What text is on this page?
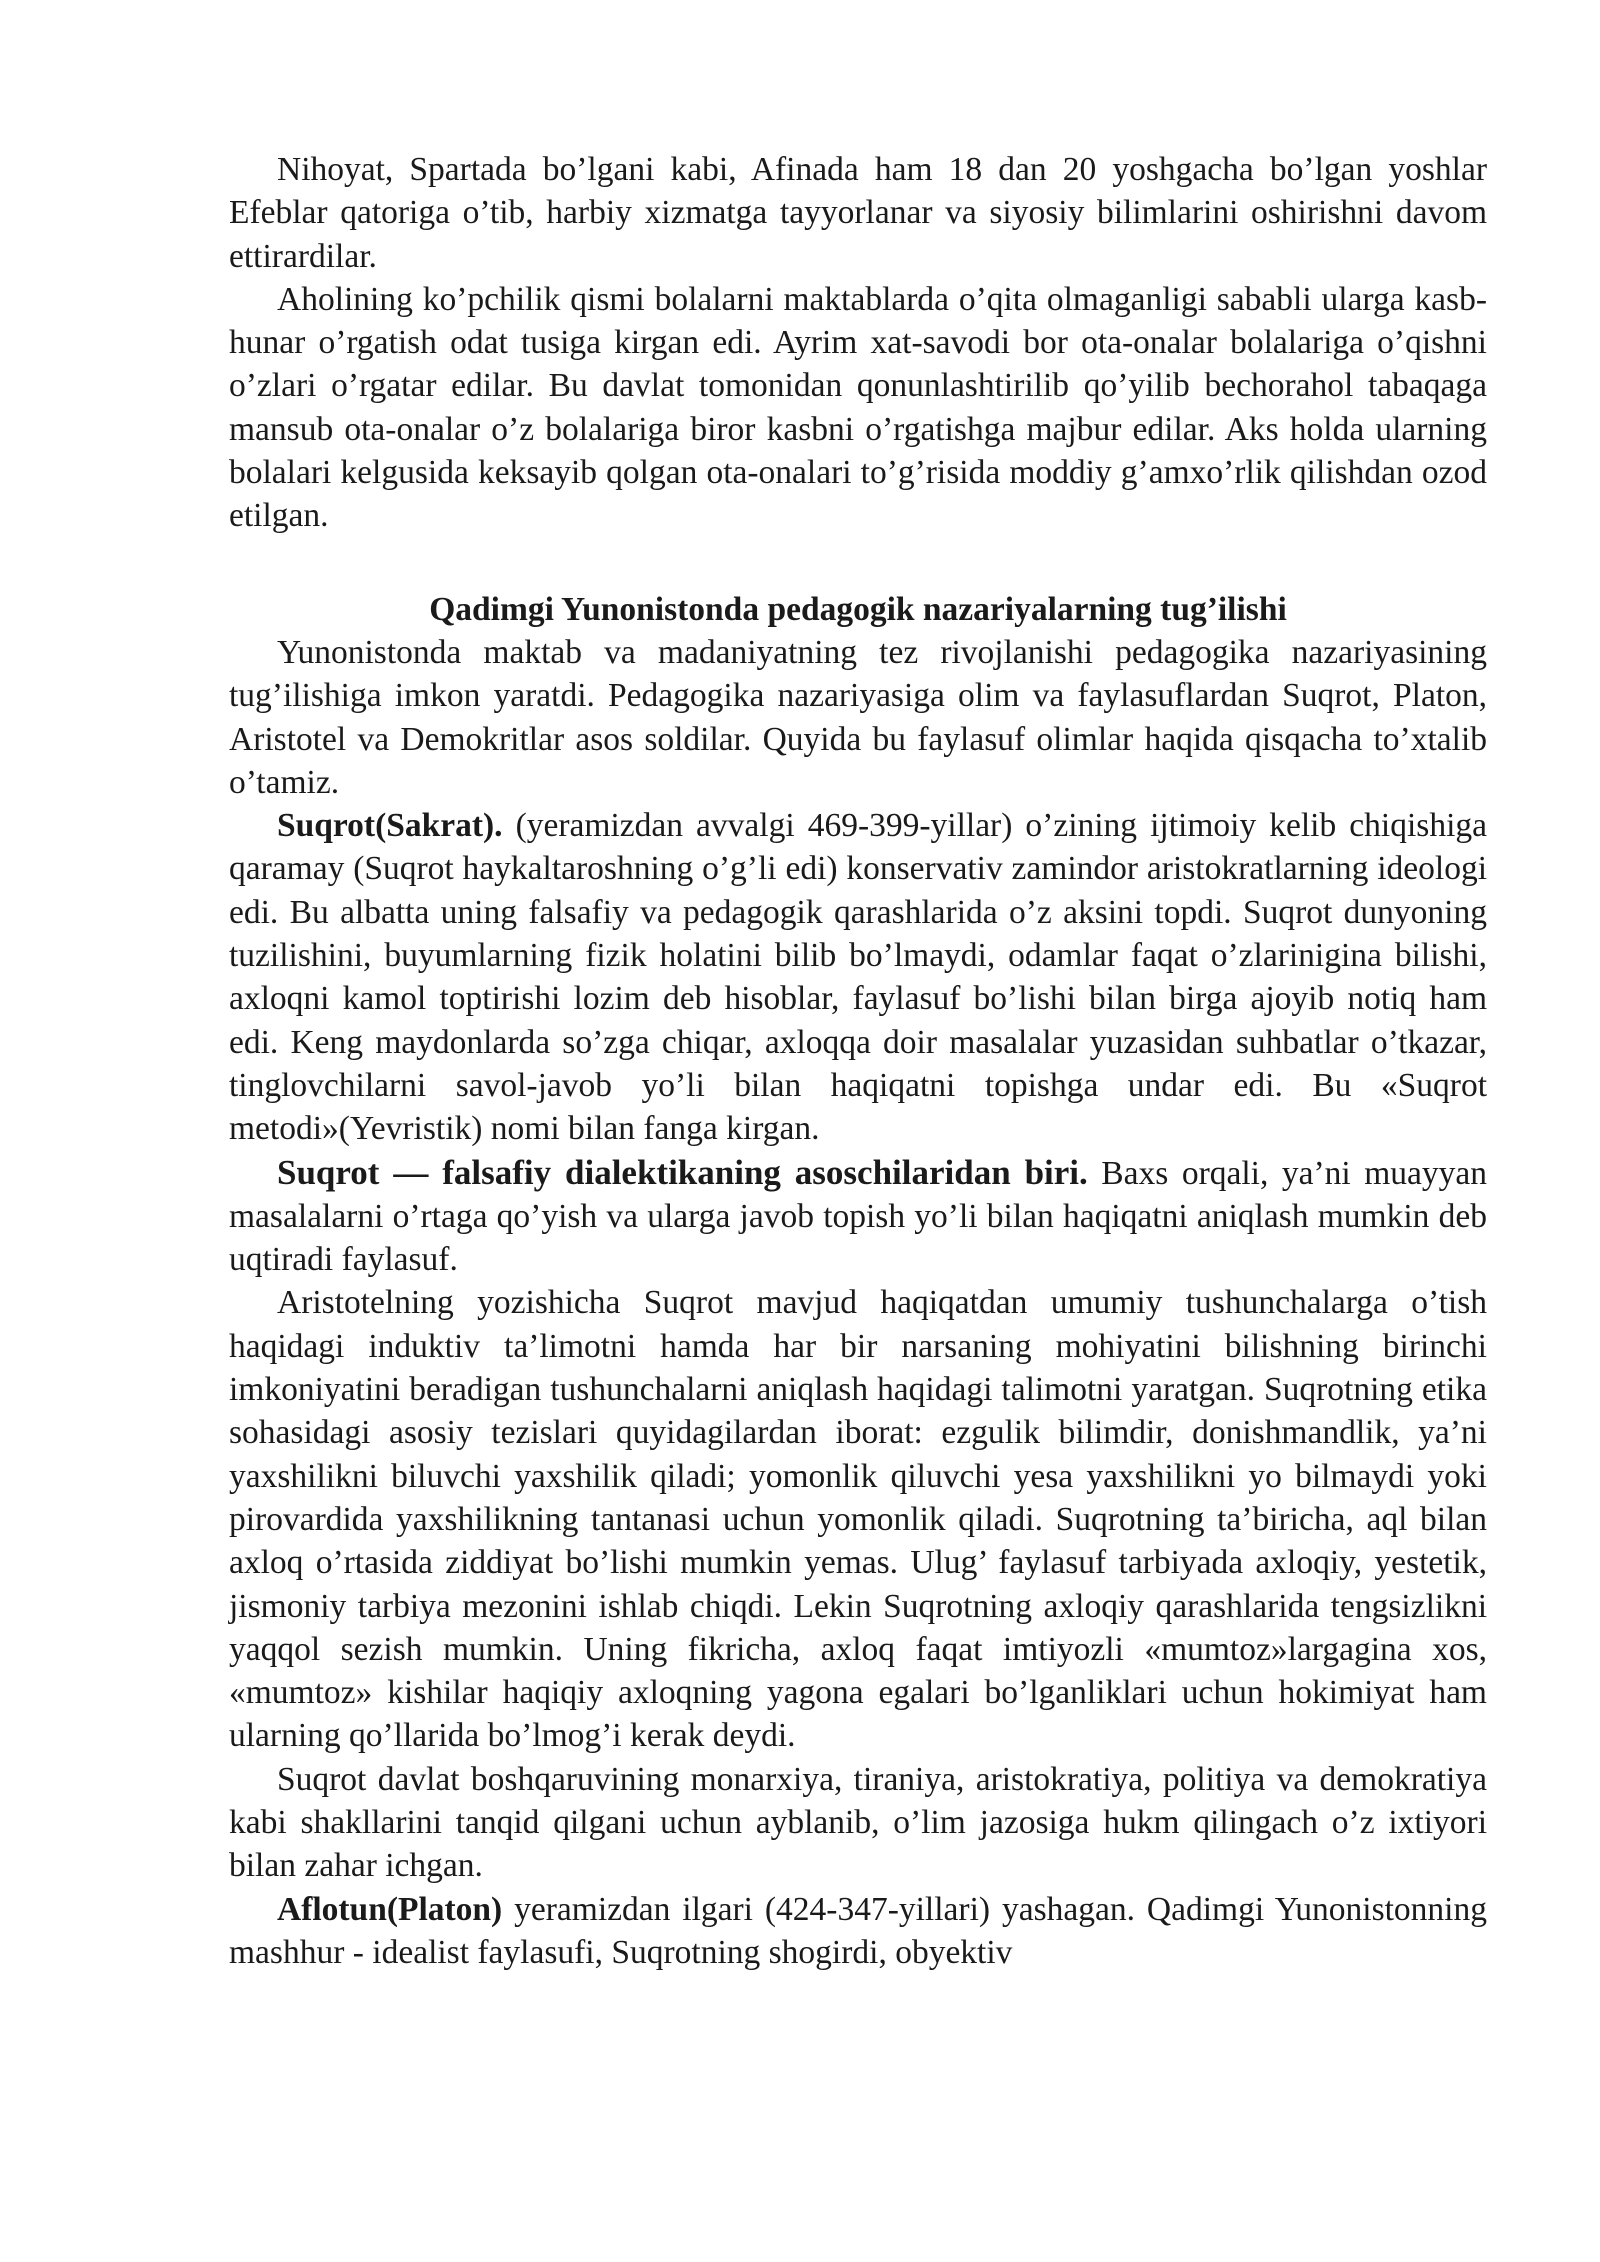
Nihoyat, Spartada bo’lgani kabi, Afinada ham 18 dan 20 yoshgacha bo’lgan yoshlar Efeblar qatoriga o’tib, harbiy xizmatga tayyorlanar va siyosiy bilimlarini oshirishni davom ettirardilar.

Aholining ko’pchilik qismi bolalarni maktablarda o’qita olmaganligi sababli ularga kasb-hunar o’rgatish odat tusiga kirgan edi. Ayrim xat-savodi bor ota-onalar bolalariga o’qishni o’zlari o’rgatar edilar. Bu davlat tomonidan qonunlashtirilib qo’yilib bechorahol tabaqaga mansub ota-onalar o’z bolalariga biror kasbni o’rgatishga majbur edilar. Aks holda ularning bolalari kelgusida keksayib qolgan ota-onalari to’g’risida moddiy g’amxo’rlik qilishdan ozod etilgan.

Qadimgi Yunonistonda pedagogik nazariyalarning tug’ilishi

Yunonistonda maktab va madaniyatning tez rivojlanishi pedagogika nazariyasining tug’ilishiga imkon yaratdi. Pedagogika nazariyasiga olim va faylasuflardan Suqrot, Platon, Aristotel va Demokritlar asos soldilar. Quyida bu faylasuf olimlar haqida qisqacha to’xtalib o’tamiz.

Suqrot(Sakrat). (yeramizdan avvalgi 469-399-yillar) o’zining ijtimoiy kelib chiqishiga qaramay (Suqrot haykaltaroshning o’g’li edi) konservativ zamindor aristokratlarning ideologi edi. Bu albatta uning falsafiy va pedagogik qarashlarida o’z aksini topdi. Suqrot dunyoning tuzilishini, buyumlarning fizik holatini bilib bo’lmaydi, odamlar faqat o’zlarinigina bilishi, axloqni kamol toptirishi lozim deb hisoblar, faylasuf bo’lishi bilan birga ajoyib notiq ham edi. Keng maydonlarda so’zga chiqar, axloqqa doir masalalar yuzasidan suhbatlar o’tkazar, tinglovchilarni savol-javob yo’li bilan haqiqatni topishga undar edi. Bu «Suqrot metodi»(Yevristik) nomi bilan fanga kirgan.

Suqrot — falsafiy dialektikaning asoschilaridan biri. Baxs orqali, ya’ni muayyan masalalarni o’rtaga qo’yish va ularga javob topish yo’li bilan haqiqatni aniqlash mumkin deb uqtiradi faylasuf.

Aristotelning yozishicha Suqrot mavjud haqiqatdan umumiy tushunchalarga o’tish haqidagi induktiv ta’limotni hamda har bir narsaning mohiyatini bilishning birinchi imkoniyatini beradigan tushunchalarni aniqlash haqidagi talimotni yaratgan. Suqrotning etika sohasidagi asosiy tezislari quyidagilardan iborat: ezgulik bilimdir, donishmandlik, ya’ni yaxshilikni biluvchi yaxshilik qiladi; yomonlik qiluvchi yesa yaxshilikni yo bilmaydi yoki pirovardida yaxshilikning tantanasi uchun yomonlik qiladi. Suqrotning ta’biricha, aql bilan axloq o’rtasida ziddiyat bo’lishi mumkin yemas. Ulug’ faylasuf tarbiyada axloqiy, yestetik, jismoniy tarbiya mezonini ishlab chiqdi. Lekin Suqrotning axloqiy qarashlarida tengsizlikni yaqqol sezish mumkin. Uning fikricha, axloq faqat imtiyozli «mumtoz»largagina xos, «mumtoz» kishilar haqiqiy axloqning yagona egalari bo’lganliklari uchun hokimiyat ham ularning qo’llarida bo’lmog’i kerak deydi.

Suqrot davlat boshqaruvining monarxiya, tiraniya, aristokratiya, politiya va demokratiya kabi shakllarini tanqid qilgani uchun ayblanib, o’lim jazosiga hukm qilingach o’z ixtiyori bilan zahar ichgan.

Aflotun(Platon) yeramizdan ilgari (424-347-yillari) yashagan. Qadimgi Yunonistonning mashhur - idealist faylasufi, Suqrotning shogirdi, obyektiv
